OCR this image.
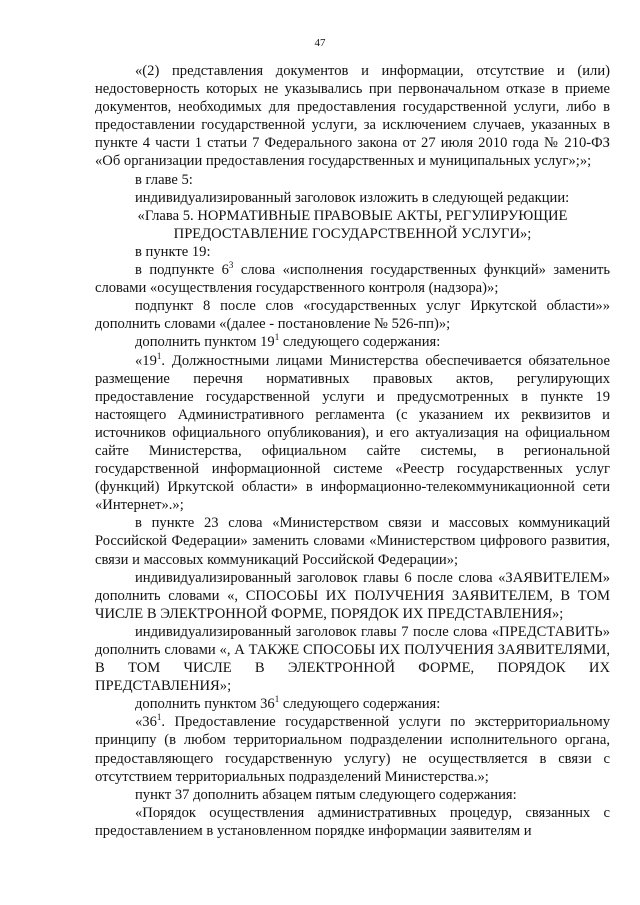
47

«(2) представления документов и информации, отсутствие и (или) недостоверность которых не указывались при первоначальном отказе в приеме документов, необходимых для предоставления государственной услуги, либо в предоставлении государственной услуги, за исключением случаев, указанных в пункте 4 части 1 статьи 7 Федерального закона от 27 июля 2010 года № 210-ФЗ «Об организации предоставления государственных и муниципальных услуг»;»;

в главе 5:

индивидуализированный заголовок изложить в следующей редакции:

«Глава 5. НОРМАТИВНЫЕ ПРАВОВЫЕ АКТЫ, РЕГУЛИРУЮЩИЕ ПРЕДОСТАВЛЕНИЕ ГОСУДАРСТВЕННОЙ УСЛУГИ»;

в пункте 19:

в подпункте $6^3$ слова «исполнения государственных функций» заменить словами «осуществления государственного контроля (надзора)»;

подпункт 8 после слов «государственных услуг Иркутской области»» дополнить словами «(далее - постановление № 526-пп)»;

дополнить пунктом $19^1$ следующего содержания:

«$19^1$. Должностными лицами Министерства обеспечивается обязательное размещение перечня нормативных правовых актов, регулирующих предоставление государственной услуги и предусмотренных в пункте 19 настоящего Административного регламента (с указанием их реквизитов и источников официального опубликования), и его актуализация на официальном сайте Министерства, официальном сайте системы, в региональной государственной информационной системе «Реестр государственных услуг (функций) Иркутской области» в информационно-телекоммуникационной сети «Интернет».»;

в пункте 23 слова «Министерством связи и массовых коммуникаций Российской Федерации» заменить словами «Министерством цифрового развития, связи и массовых коммуникаций Российской Федерации»;

индивидуализированный заголовок главы 6 после слова «ЗАЯВИТЕЛЕМ» дополнить словами «, СПОСОБЫ ИХ ПОЛУЧЕНИЯ ЗАЯВИТЕЛЕМ, В ТОМ ЧИСЛЕ В ЭЛЕКТРОННОЙ ФОРМЕ, ПОРЯДОК ИХ ПРЕДСТАВЛЕНИЯ»;

индивидуализированный заголовок главы 7 после слова «ПРЕДСТАВИТЬ» дополнить словами «, А ТАКЖЕ СПОСОБЫ ИХ ПОЛУЧЕНИЯ ЗАЯВИТЕЛЯМИ, В ТОМ ЧИСЛЕ В ЭЛЕКТРОННОЙ ФОРМЕ, ПОРЯДОК ИХ ПРЕДСТАВЛЕНИЯ»;

дополнить пунктом $36^1$ следующего содержания:

«$36^1$. Предоставление государственной услуги по экстерриториальному принципу (в любом территориальном подразделении исполнительного органа, предоставляющего государственную услугу) не осуществляется в связи с отсутствием территориальных подразделений Министерства.»;

пункт 37 дополнить абзацем пятым следующего содержания:

«Порядок осуществления административных процедур, связанных с предоставлением в установленном порядке информации заявителям и
